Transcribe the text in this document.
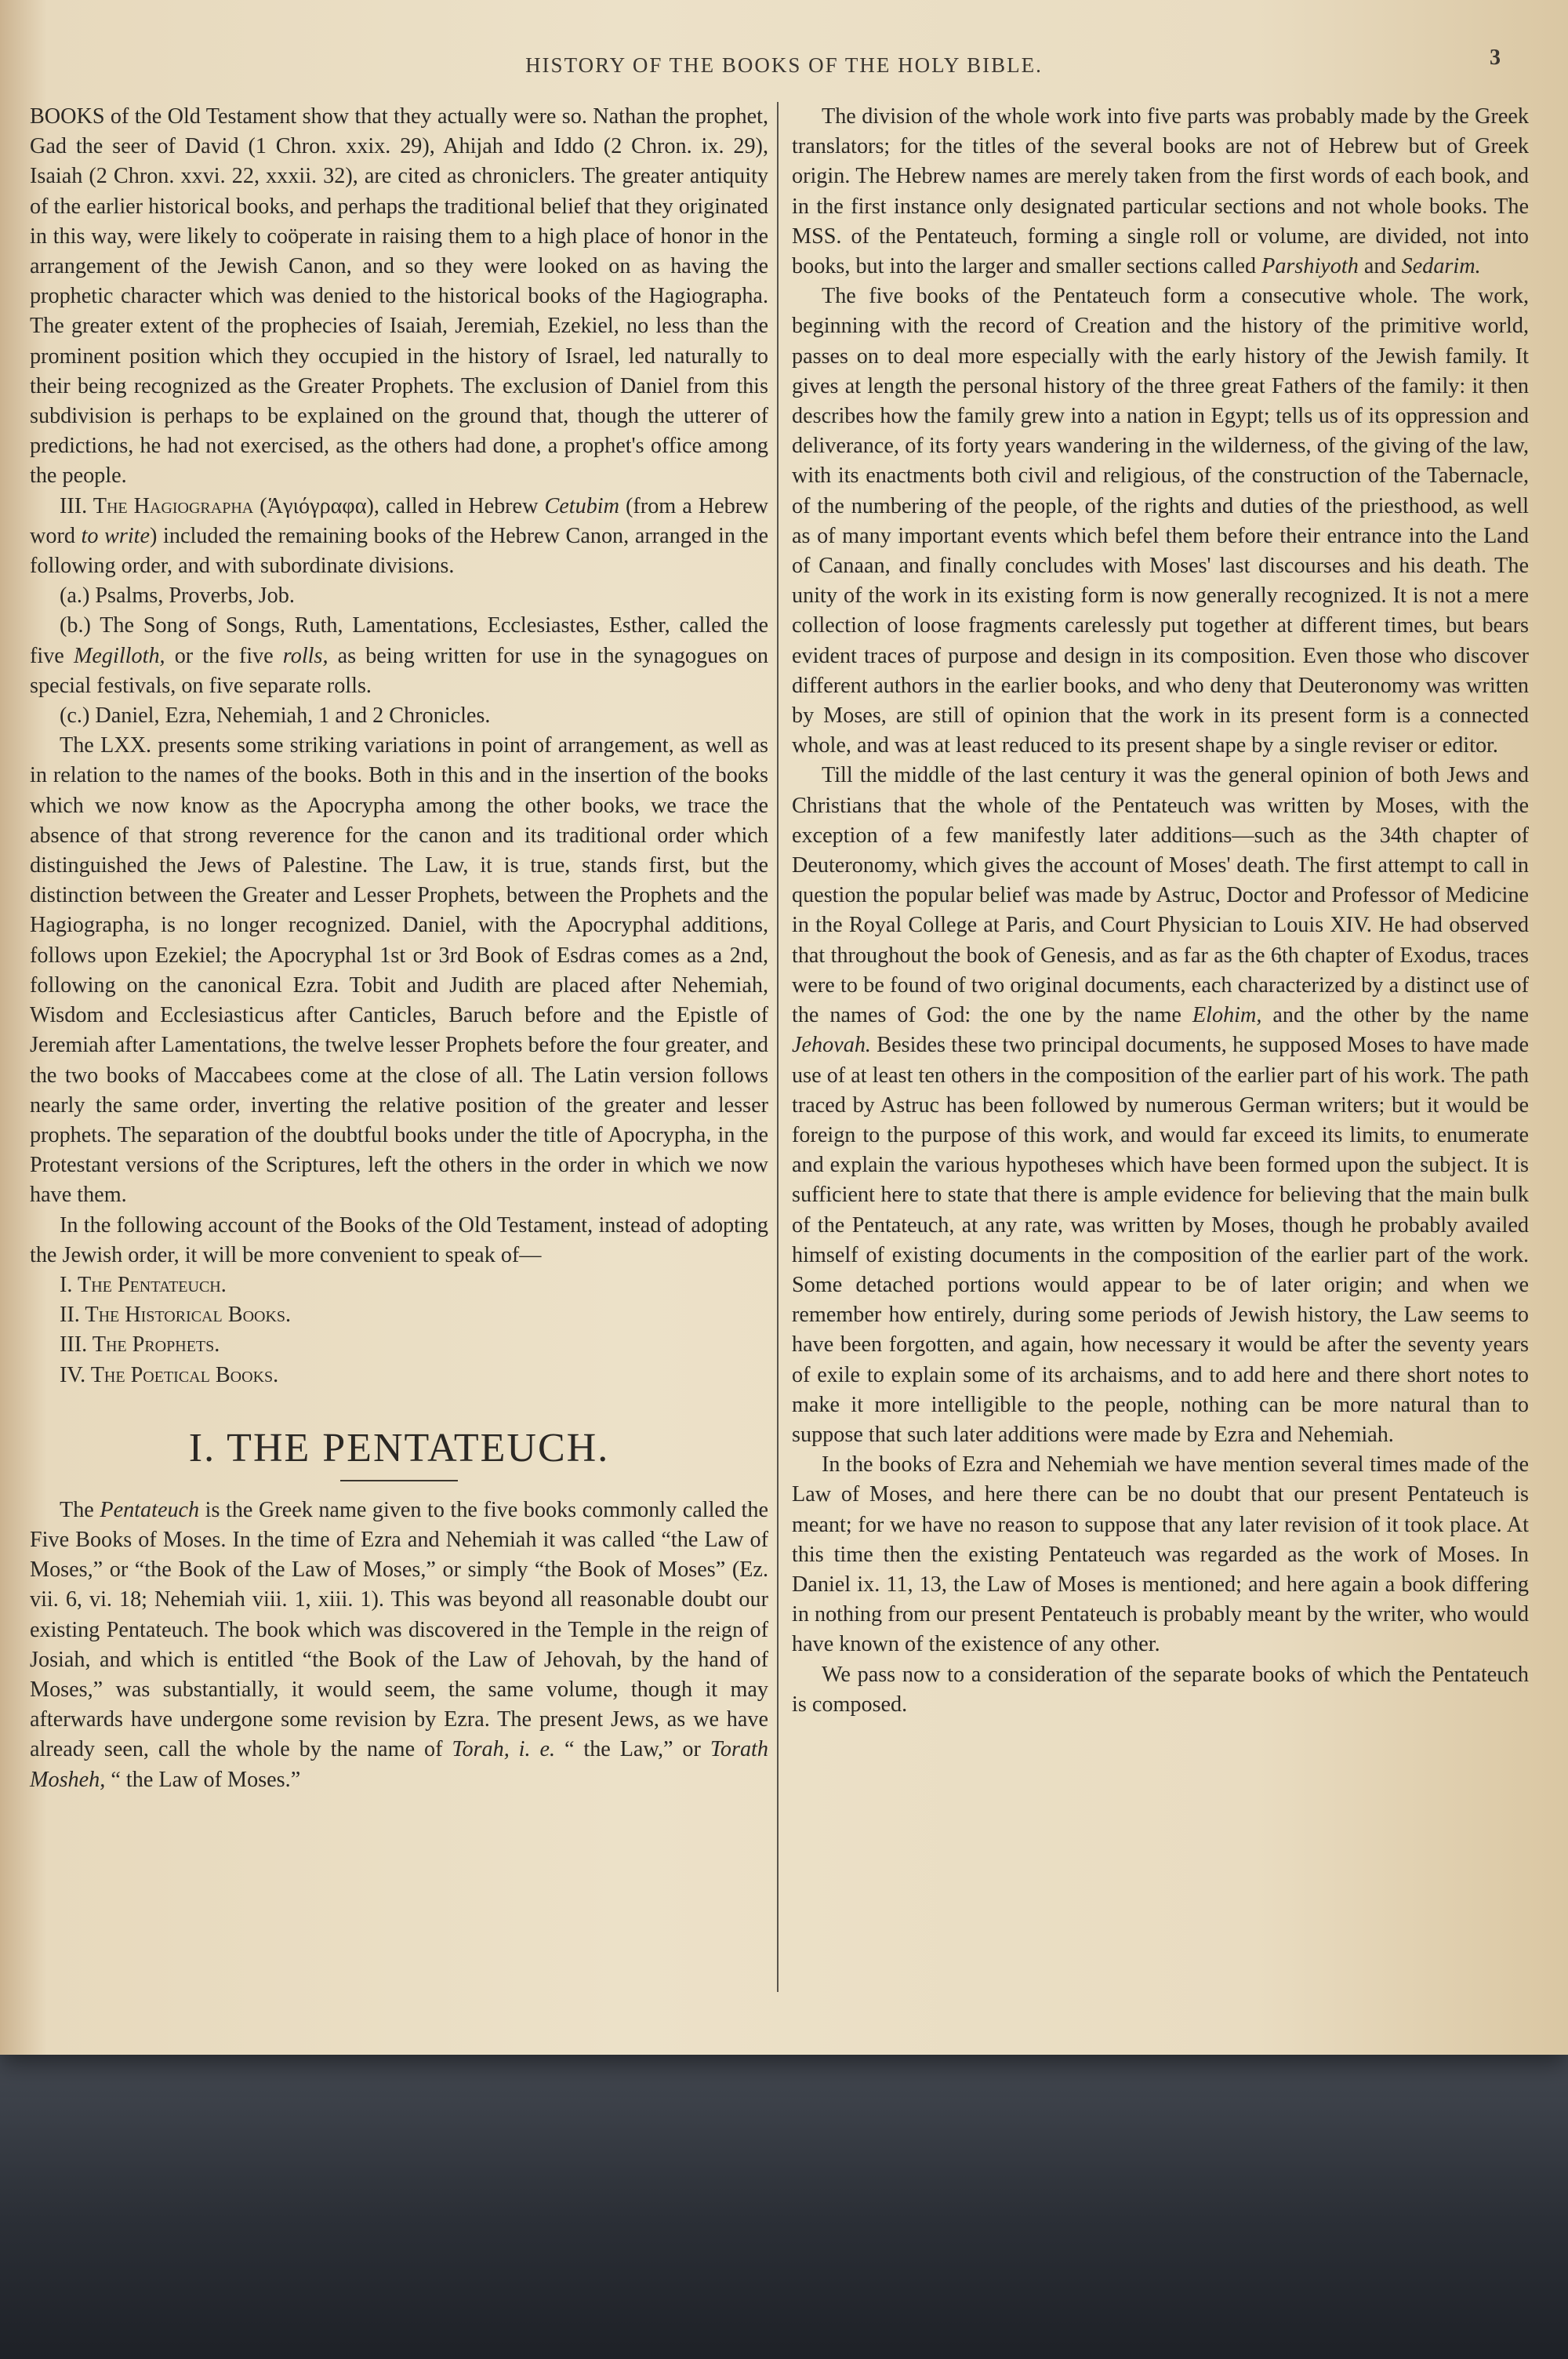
HISTORY OF THE BOOKS OF THE HOLY BIBLE.	3

BOOKS of the Old Testament show that they actually were so. Nathan the prophet, Gad the seer of David (1 Chron. xxix. 29), Ahijah and Iddo (2 Chron. ix. 29), Isaiah (2 Chron. xxvi. 22, xxxii. 32), are cited as chroniclers. The greater antiquity of the earlier historical books, and perhaps the traditional belief that they originated in this way, were likely to coöperate in raising them to a high place of honor in the arrangement of the Jewish Canon, and so they were looked on as having the prophetic character which was denied to the historical books of the Hagiographa. The greater extent of the prophecies of Isaiah, Jeremiah, Ezekiel, no less than the prominent position which they occupied in the history of Israel, led naturally to their being recognized as the Greater Prophets. The exclusion of Daniel from this subdivision is perhaps to be explained on the ground that, though the utterer of predictions, he had not exercised, as the others had done, a prophet's office among the people.

III. The Hagiographa (Ἁγιόγραφα), called in Hebrew Cetubim (from a Hebrew word to write) included the remaining books of the Hebrew Canon, arranged in the following order, and with subordinate divisions.

(a.) Psalms, Proverbs, Job.

(b.) The Song of Songs, Ruth, Lamentations, Ecclesiastes, Esther, called the five Megilloth, or the five rolls, as being written for use in the synagogues on special festivals, on five separate rolls.

(c.) Daniel, Ezra, Nehemiah, 1 and 2 Chronicles.

The LXX. presents some striking variations in point of arrangement, as well as in relation to the names of the books. Both in this and in the insertion of the books which we now know as the Apocrypha among the other books, we trace the absence of that strong reverence for the canon and its traditional order which distinguished the Jews of Palestine. The Law, it is true, stands first, but the distinction between the Greater and Lesser Prophets, between the Prophets and the Hagiographa, is no longer recognized. Daniel, with the Apocryphal additions, follows upon Ezekiel; the Apocryphal 1st or 3rd Book of Esdras comes as a 2nd, following on the canonical Ezra. Tobit and Judith are placed after Nehemiah, Wisdom and Ecclesiasticus after Canticles, Baruch before and the Epistle of Jeremiah after Lamentations, the twelve lesser Prophets before the four greater, and the two books of Maccabees come at the close of all. The Latin version follows nearly the same order, inverting the relative position of the greater and lesser prophets. The separation of the doubtful books under the title of Apocrypha, in the Protestant versions of the Scriptures, left the others in the order in which we now have them.

In the following account of the Books of the Old Testament, instead of adopting the Jewish order, it will be more convenient to speak of—

I. The Pentateuch.

II. The Historical Books.

III. The Prophets.

IV. The Poetical Books.

I. THE PENTATEUCH.

The Pentateuch is the Greek name given to the five books commonly called the Five Books of Moses. In the time of Ezra and Nehemiah it was called “the Law of Moses,” or “the Book of the Law of Moses,” or simply “the Book of Moses” (Ez. vii. 6, vi. 18; Nehemiah viii. 1, xiii. 1). This was beyond all reasonable doubt our existing Pentateuch. The book which was discovered in the Temple in the reign of Josiah, and which is entitled “the Book of the Law of Jehovah, by the hand of Moses,” was substantially, it would seem, the same volume, though it may afterwards have undergone some revision by Ezra. The present Jews, as we have already seen, call the whole by the name of Torah, i. e. “ the Law,” or Torath Mosheh, “ the Law of Moses.”

The division of the whole work into five parts was probably made by the Greek translators; for the titles of the several books are not of Hebrew but of Greek origin. The Hebrew names are merely taken from the first words of each book, and in the first instance only designated particular sections and not whole books. The MSS. of the Pentateuch, forming a single roll or volume, are divided, not into books, but into the larger and smaller sections called Parshiyoth and Sedarim.

The five books of the Pentateuch form a consecutive whole. The work, beginning with the record of Creation and the history of the primitive world, passes on to deal more especially with the early history of the Jewish family. It gives at length the personal history of the three great Fathers of the family: it then describes how the family grew into a nation in Egypt; tells us of its oppression and deliverance, of its forty years wandering in the wilderness, of the giving of the law, with its enactments both civil and religious, of the construction of the Tabernacle, of the numbering of the people, of the rights and duties of the priesthood, as well as of many important events which befel them before their entrance into the Land of Canaan, and finally concludes with Moses' last discourses and his death. The unity of the work in its existing form is now generally recognized. It is not a mere collection of loose fragments carelessly put together at different times, but bears evident traces of purpose and design in its composition. Even those who discover different authors in the earlier books, and who deny that Deuteronomy was written by Moses, are still of opinion that the work in its present form is a connected whole, and was at least reduced to its present shape by a single reviser or editor.

Till the middle of the last century it was the general opinion of both Jews and Christians that the whole of the Pentateuch was written by Moses, with the exception of a few manifestly later additions—such as the 34th chapter of Deuteronomy, which gives the account of Moses' death. The first attempt to call in question the popular belief was made by Astruc, Doctor and Professor of Medicine in the Royal College at Paris, and Court Physician to Louis XIV. He had observed that throughout the book of Genesis, and as far as the 6th chapter of Exodus, traces were to be found of two original documents, each characterized by a distinct use of the names of God: the one by the name Elohim, and the other by the name Jehovah. Besides these two principal documents, he supposed Moses to have made use of at least ten others in the composition of the earlier part of his work. The path traced by Astruc has been followed by numerous German writers; but it would be foreign to the purpose of this work, and would far exceed its limits, to enumerate and explain the various hypotheses which have been formed upon the subject. It is sufficient here to state that there is ample evidence for believing that the main bulk of the Pentateuch, at any rate, was written by Moses, though he probably availed himself of existing documents in the composition of the earlier part of the work. Some detached portions would appear to be of later origin; and when we remember how entirely, during some periods of Jewish history, the Law seems to have been forgotten, and again, how necessary it would be after the seventy years of exile to explain some of its archaisms, and to add here and there short notes to make it more intelligible to the people, nothing can be more natural than to suppose that such later additions were made by Ezra and Nehemiah.

In the books of Ezra and Nehemiah we have mention several times made of the Law of Moses, and here there can be no doubt that our present Pentateuch is meant; for we have no reason to suppose that any later revision of it took place. At this time then the existing Pentateuch was regarded as the work of Moses. In Daniel ix. 11, 13, the Law of Moses is mentioned; and here again a book differing in nothing from our present Pentateuch is probably meant by the writer, who would have known of the existence of any other.

We pass now to a consideration of the separate books of which the Pentateuch is composed.
